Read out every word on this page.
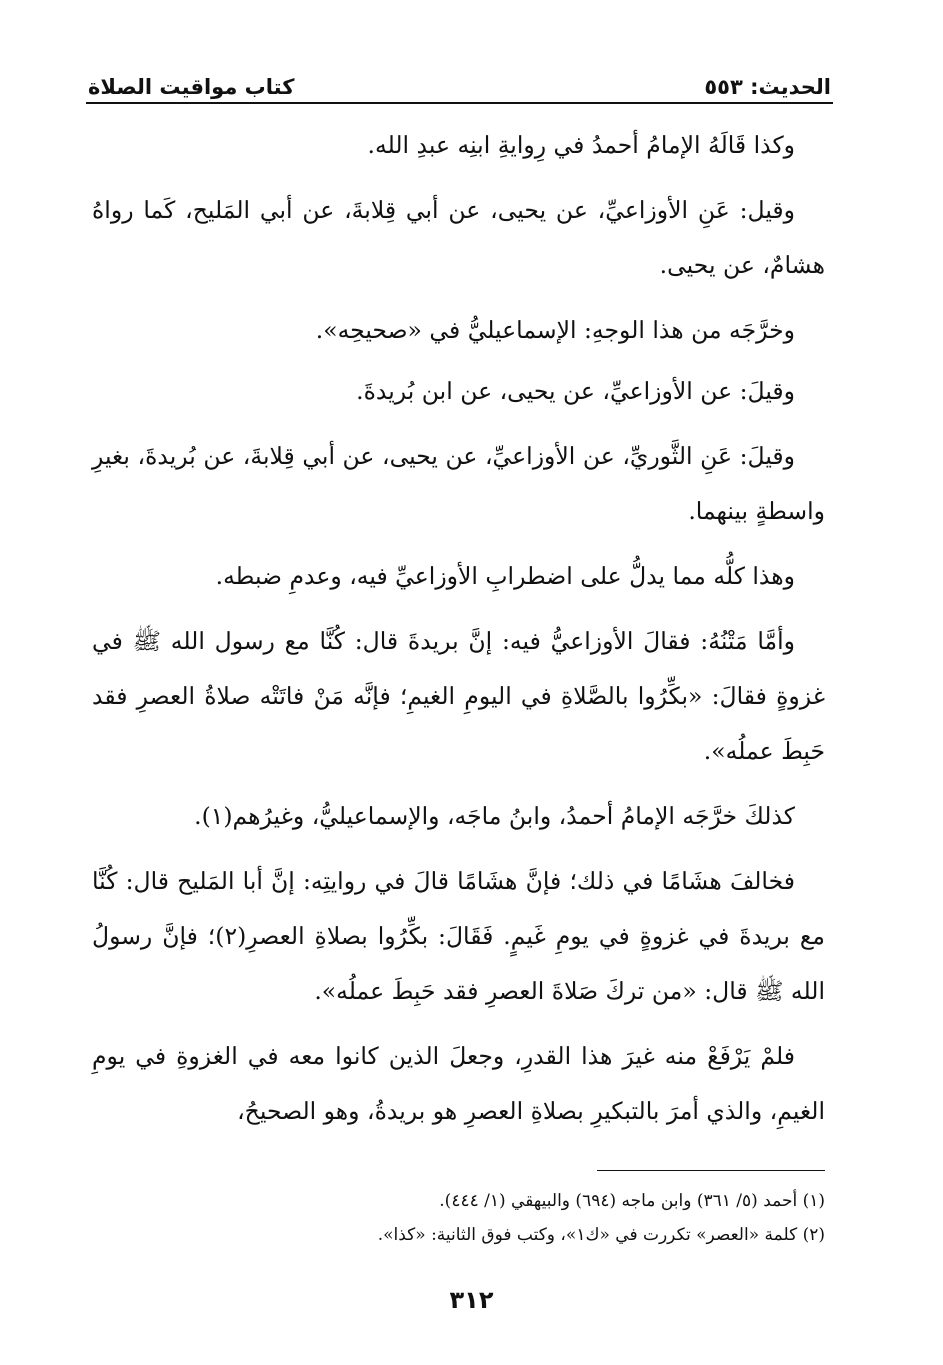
الحديث: ٥٥٣
كتاب مواقيت الصلاة

وكذا قَالَهُ الإمامُ أحمدُ في رِوايةِ ابنِه عبدِ الله.

وقيل: عَنِ الأوزاعيِّ، عن يحيى، عن أبي قِلابةَ، عن أبي المَليح، كَما رواهُ هشامٌ، عن يحيى.

وخرَّجَه من هذا الوجهِ: الإسماعيليُّ في «صحيحِه».

وقيلَ: عن الأوزاعيِّ، عن يحيى، عن ابن بُريدةَ.

وقيلَ: عَنِ الثَّوريِّ، عن الأوزاعيِّ، عن يحيى، عن أبي قِلابةَ، عن بُريدةَ، بغيرِ واسطةٍ بينهما.

وهذا كلُّه مما يدلُّ على اضطرابِ الأوزاعيِّ فيه، وعدمِ ضبطه.

وأمَّا مَتْنُهُ: فقالَ الأوزاعيُّ فيه: إنَّ بريدةَ قال: كُنَّا مع رسول الله ﷺ في غزوةٍ فقالَ: «بكِّرُوا بالصَّلاةِ في اليومِ الغيمِ؛ فإنَّه مَنْ فاتَتْه صلاةُ العصرِ فقد حَبِطَ عملُه».

كذلكَ خرَّجَه الإمامُ أحمدُ، وابنُ ماجَه، والإسماعيليُّ، وغيرُهم(١).

فخالفَ هشَامًا في ذلك؛ فإنَّ هشَامًا قالَ في روايتِه: إنَّ أبا المَليح قال: كُنَّا مع بريدةَ في غزوةٍ في يومِ غَيمٍ. فَقَالَ: بكِّرُوا بصلاةِ العصرِ(٢)؛ فإنَّ رسولُ الله ﷺ قال: «من تركَ صَلاةَ العصرِ فقد حَبِطَ عملُه».

فلمْ يَرْفَعْ منه غيرَ هذا القدرِ، وجعلَ الذين كانوا معه في الغزوةِ في يومِ الغيمِ، والذي أمرَ بالتبكيرِ بصلاةِ العصرِ هو بريدةُ، وهو الصحيحُ،

(١) أحمد (٥/ ٣٦١) وابن ماجه (٦٩٤) والبيهقي (١/ ٤٤٤).

(٢) كلمة «العصر» تكررت في «ك١»، وكتب فوق الثانية: «كذا».

٣١٢
